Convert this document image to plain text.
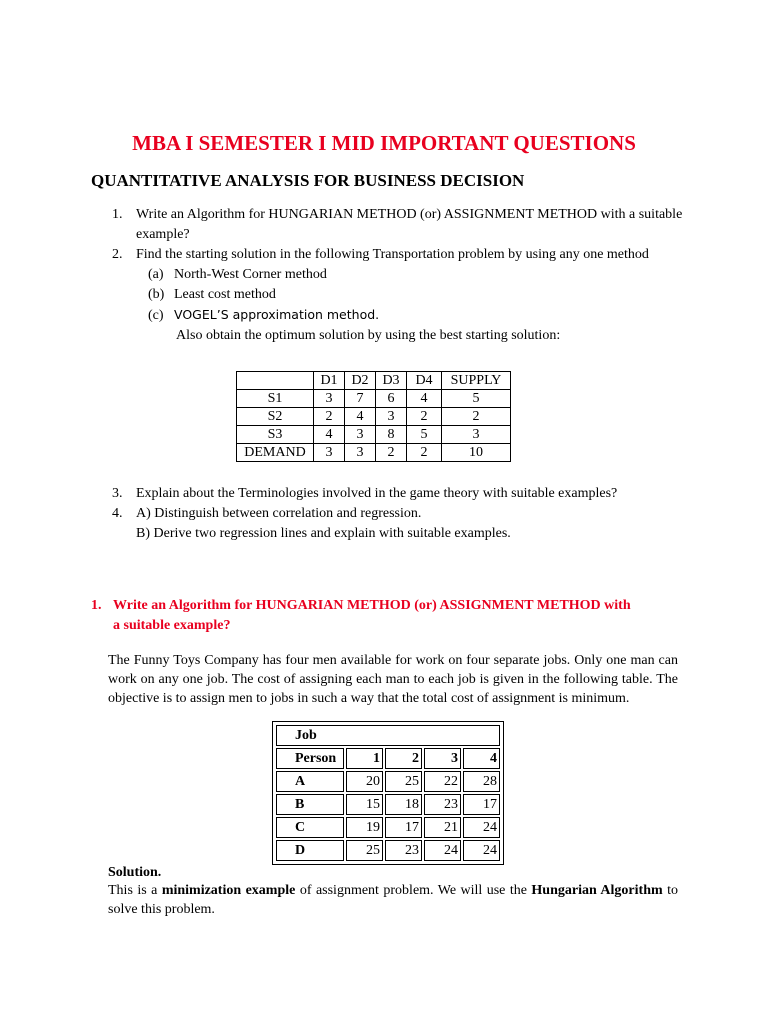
MBA I SEMESTER I MID IMPORTANT QUESTIONS
QUANTITATIVE ANALYSIS FOR BUSINESS DECISION
1. Write an Algorithm for HUNGARIAN METHOD (or) ASSIGNMENT METHOD with a suitable example?
2. Find the starting solution in the following Transportation problem by using any one method
(a) North-West Corner method
(b) Least cost method
(c) VOGEL’S approximation method.
Also obtain the optimum solution by using the best starting solution:
	D1	D2	D3	D4	SUPPLY
S1	3	7	6	4	5
S2	2	4	3	2	2
S3	4	3	8	5	3
DEMAND	3	3	2	2	10
3. Explain about the Terminologies involved in the game theory with suitable examples?
4. A) Distinguish between correlation and regression.
B) Derive two regression lines and explain with suitable examples.
1. Write an Algorithm for HUNGARIAN METHOD (or) ASSIGNMENT METHOD with
a suitable example?
The Funny Toys Company has four men available for work on four separate jobs. Only one man can work on any one job. The cost of assigning each man to each job is given in the following table. The objective is to assign men to jobs in such a way that the total cost of assignment is minimum.
Job				
Person	1	2	3	4
A	20	25	22	28
B	15	18	23	17
C	19	17	21	24
D	25	23	24	24
Solution.
This is a minimization example of assignment problem. We will use the Hungarian Algorithm to solve this problem.
